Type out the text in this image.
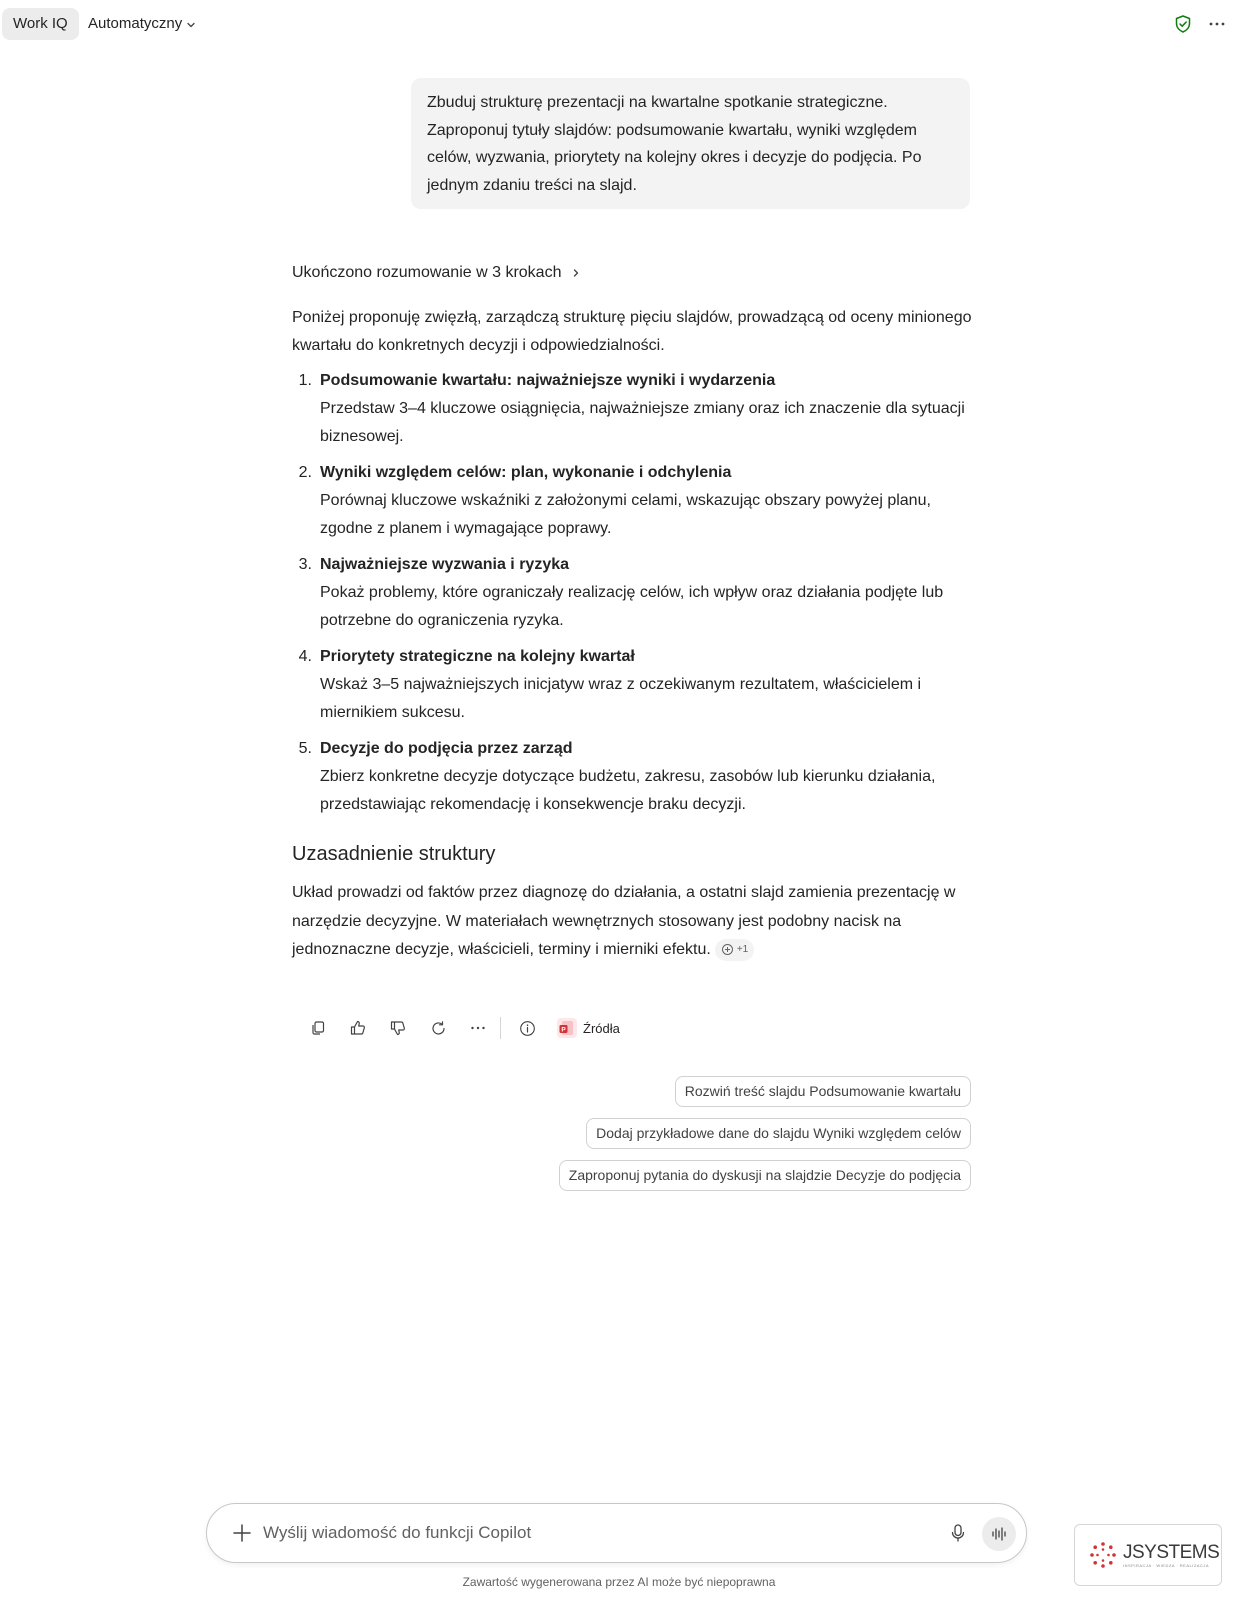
Work IQ	Automatyczny
Zbuduj strukturę prezentacji na kwartalne spotkanie strategiczne. Zaproponuj tytuły slajdów: podsumowanie kwartału, wyniki względem celów, wyzwania, priorytety na kolejny okres i decyzje do podjęcia. Po jednym zdaniu treści na slajd.
Ukończono rozumowanie w 3 krokach

Poniżej proponuję zwięzłą, zarządczą strukturę pięciu slajdów, prowadzącą od oceny minionego kwartału do konkretnych decyzji i odpowiedzialności.

1. Podsumowanie kwartału: najważniejsze wyniki i wydarzenia
Przedstaw 3–4 kluczowe osiągnięcia, najważniejsze zmiany oraz ich znaczenie dla sytuacji biznesowej.
2. Wyniki względem celów: plan, wykonanie i odchylenia
Porównaj kluczowe wskaźniki z założonymi celami, wskazując obszary powyżej planu, zgodne z planem i wymagające poprawy.
3. Najważniejsze wyzwania i ryzyka
Pokaż problemy, które ograniczały realizację celów, ich wpływ oraz działania podjęte lub potrzebne do ograniczenia ryzyka.
4. Priorytety strategiczne na kolejny kwartał
Wskaż 3–5 najważniejszych inicjatyw wraz z oczekiwanym rezultatem, właścicielem i miernikiem sukcesu.
5. Decyzje do podjęcia przez zarząd
Zbierz konkretne decyzje dotyczące budżetu, zakresu, zasobów lub kierunku działania, przedstawiając rekomendację i konsekwencje braku decyzji.
Uzasadnienie struktury

Układ prowadzi od faktów przez diagnozę do działania, a ostatni slajd zamienia prezentację w narzędzie decyzyjne. W materiałach wewnętrznych stosowany jest podobny nacisk na jednoznaczne decyzje, właścicieli, terminy i mierniki efektu.	+1

P Źródła
Rozwiń treść slajdu Podsumowanie kwartału
Dodaj przykładowe dane do slajdu Wyniki względem celów
Zaproponuj pytania do dyskusji na slajdzie Decyzje do podjęcia
Wyślij wiadomość do funkcji Copilot
Zawartość wygenerowana przez AI może być niepoprawna
JSYSTEMS
INSPIRACJA · WIEDZA · REALIZACJA
